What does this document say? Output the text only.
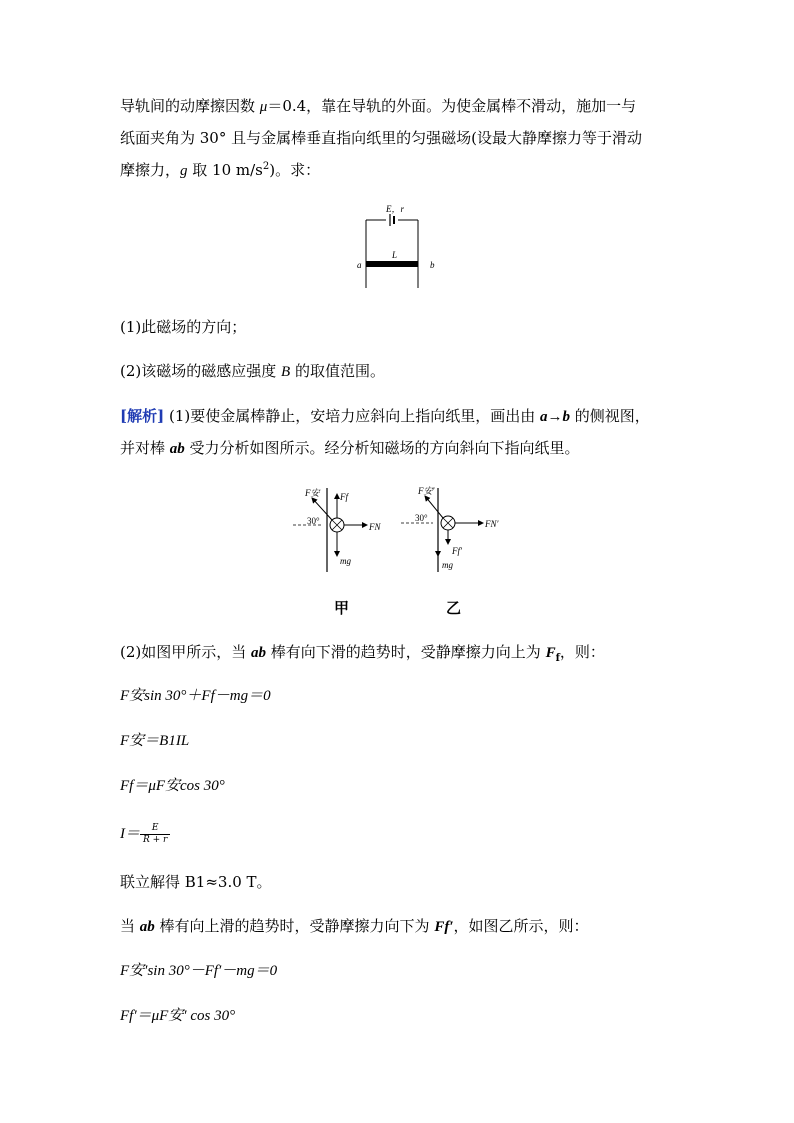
导轨间的动摩擦因数 μ＝0.4，靠在导轨的外面。为使金属棒不滑动，施加一与
纸面夹角为 30° 且与金属棒垂直指向纸里的匀强磁场(设最大静摩擦力等于滑动
摩擦力，g 取 10 $m/s^2$)。求：
E，r
L
a	b
(1)此磁场的方向；
(2)该磁场的磁感应强度 B 的取值范围。
[解析] (1)要使金属棒静止，安培力应斜向上指向纸里，画出由 a→b 的侧视图，
并对棒 ab 受力分析如图所示。经分析知磁场的方向斜向下指向纸里。
F安 Ff
30°
FN
mg
F安′
30°
FN′
Ff′
mg
甲	乙
(2)如图甲所示，当 ab 棒有向下滑的趋势时，受静摩擦力向上为 $F_f$，则：
F安sin 30°＋Ff－mg＝0
F安＝B1IL
Ff＝μF安cos 30°
$I= \frac{E}{R + r}$
联立解得 B1≈3.0 T。
当 ab 棒有向上滑的趋势时，受静摩擦力向下为 Ff′，如图乙所示，则：
F安′sin 30°－Ff′－mg＝0
Ff′＝μF安′ cos 30°
